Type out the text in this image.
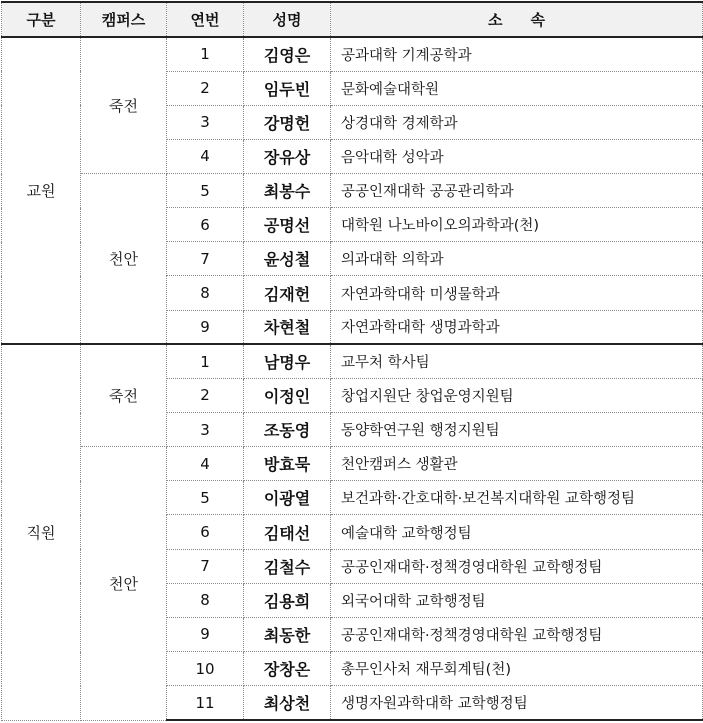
구분	캠퍼스	연번	성명	소속
교원	죽전	1	김영은	공과대학 기계공학과
		2	임두빈	문화예술대학원
		3	강명헌	상경대학 경제학과
		4	장유상	음악대학 성악과
	천안	5	최봉수	공공인재대학 공공관리학과
		6	공명선	대학원 나노바이오의과학과(천)
		7	윤성철	의과대학 의학과
		8	김재헌	자연과학대학 미생물학과
		9	차현철	자연과학대학 생명과학과
직원	죽전	1	남명우	교무처 학사팀
		2	이정인	창업지원단 창업운영지원팀
		3	조동영	동양학연구원 행정지원팀
	천안	4	방효묵	천안캠퍼스 생활관
		5	이광열	보건과학·간호대학·보건복지대학원 교학행정팀
		6	김태선	예술대학 교학행정팀
		7	김철수	공공인재대학·정책경영대학원 교학행정팀
		8	김용희	외국어대학 교학행정팀
		9	최동한	공공인재대학·정책경영대학원 교학행정팀
		10	장창온	총무인사처 재무회계팀(천)
		11	최상천	생명자원과학대학 교학행정팀
